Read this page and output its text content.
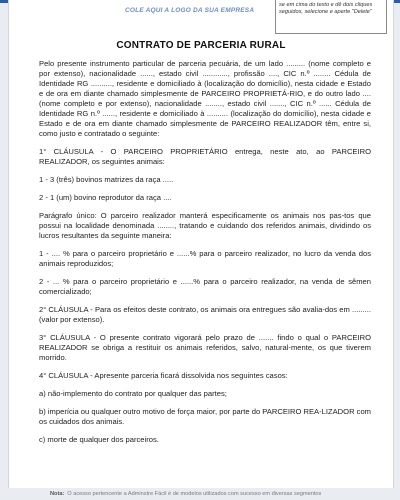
COLE AQUI A LOGO DA SUA EMPRESA
se em cima do texto e dê dois cliques seguidos, selecione e aperte "Delete"
CONTRATO DE PARCERIA RURAL

Pelo presente instrumento particular de parceria pecuária, de um lado ......... (nome completo e por extenso), nacionalidade ......, estado civil ............, profissão ...., CIC n.º ........ Cédula de Identidade RG .........., residente e domiciliado à (localização do domicílio), nesta cidade e Estado e de ora em diante chamado simplesmente de PARCEIRO PROPRIETÁ-RIO, e do outro lado .... (nome completo e por extenso), nacionalidade ........, estado civil ......., CIC n.º ...... Cédula de Identidade RG n.º ......, residente e domiciliado à .......... (localização do domicílio), nesta cidade e Estado e de ora em diante chamado simplesmente de PARCEIRO REALIZADOR têm, entre si, como justo e contratado o seguinte:

1° CLÁUSULA - O PARCEIRO PROPRIETÁRIO entrega, neste ato, ao PARCEIRO REALIZADOR, os seguintes animais:

1 - 3 (três) bovinos matrizes da raça .....

2 - 1 (um) bovino reprodutor da raça ....

Parágrafo único: O parceiro realizador manterá especificamente os animais nos pas-tos que possui na localidade denominada ........, tratando e cuidando dos referidos animais, dividindo os lucros resultantes da seguinte maneira:

1 - .... % para o parceiro proprietário e ......% para o parceiro realizador, no lucro da venda dos animais reproduzidos;

2 - ... % para o parceiro proprietário e ......% para o parceiro realizador, na venda de sêmen comercializado;

2° CLÁUSULA - Para os efeitos deste contrato, os animais ora entregues são avalia-dos em ......... (valor por extenso).

3° CLÁUSULA - O presente contrato vigorará pelo prazo de ....... findo o qual o PARCEIRO REALIZADOR se obriga a restituir os animais referidos, salvo, natural-mente, os que tiverem morrido.

4° CLÁUSULA - Apresente parceria ficará dissolvida nos seguintes casos:

a) não-implemento do contrato por qualquer das partes;

b) imperícia ou qualquer outro motivo de força maior, por parte do PARCEIRO REA-LIZADOR com os cuidados dos animais.

c) morte de qualquer dos parceiros.

Nota: O acesso pertencente a Adminstre Fácil é de modelos utilizados com sucesso em diversas segmentos
